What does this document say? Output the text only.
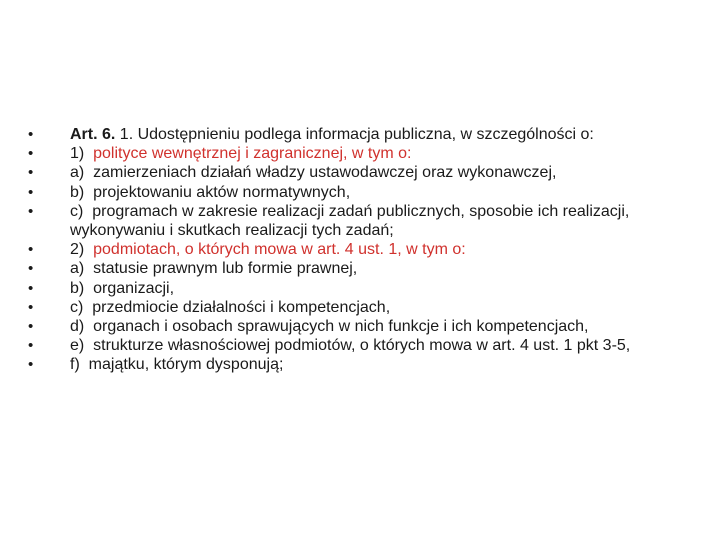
• Art. 6. 1. Udostępnieniu podlega informacja publiczna, w szczególności o:
• 1) polityce wewnętrznej i zagranicznej, w tym o:
• a) zamierzeniach działań władzy ustawodawczej oraz wykonawczej,
• b) projektowaniu aktów normatywnych,
• c) programach w zakresie realizacji zadań publicznych, sposobie ich realizacji, wykonywaniu i skutkach realizacji tych zadań;
• 2) podmiotach, o których mowa w art. 4 ust. 1, w tym o:
• a) statusie prawnym lub formie prawnej,
• b) organizacji,
• c) przedmiocie działalności i kompetencjach,
• d) organach i osobach sprawujących w nich funkcje i ich kompetencjach,
• e) strukturze własnościowej podmiotów, o których mowa w art. 4 ust. 1 pkt 3-5,
• f) majątku, którym dysponują;
